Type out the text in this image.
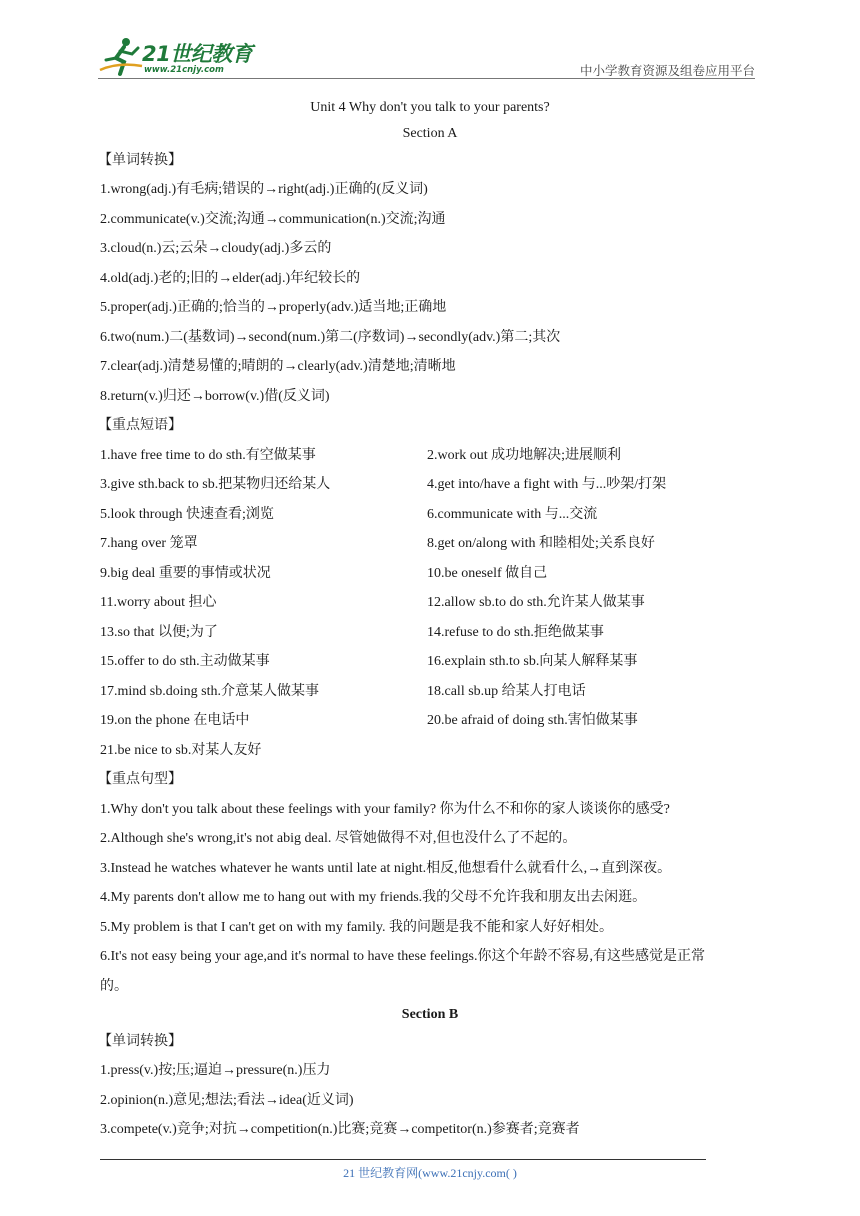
21世纪教育
www.21cnjy.com	中小学教育资源及组卷应用平台
Unit 4 Why don't you talk to your parents?
Section A
【单词转换】
1.wrong(adj.)有毛病;错误的→right(adj.)正确的(反义词)
2.communicate(v.)交流;沟通→communication(n.)交流;沟通
3.cloud(n.)云;云朵→cloudy(adj.)多云的
4.old(adj.)老的;旧的→elder(adj.)年纪较长的
5.proper(adj.)正确的;恰当的→properly(adv.)适当地;正确地
6.two(num.)二(基数词)→second(num.)第二(序数词)→secondly(adv.)第二;其次
7.clear(adj.)清楚易懂的;晴朗的→clearly(adv.)清楚地;清晰地
8.return(v.)归还→borrow(v.)借(反义词)
【重点短语】
1.have free time to do sth.有空做某事	2.work out 成功地解决;进展顺利
3.give sth.back to sb.把某物归还给某人	4.get into/have a fight with 与...吵架/打架
5.look through 快速查看;浏览	6.communicate with 与...交流
7.hang over 笼罩	8.get on/along with 和睦相处;关系良好
9.big deal 重要的事情或状况	10.be oneself 做自己
11.worry about 担心	12.allow sb.to do sth.允许某人做某事
13.so that 以便;为了	14.refuse to do sth.拒绝做某事
15.offer to do sth.主动做某事	16.explain sth.to sb.向某人解释某事
17.mind sb.doing sth.介意某人做某事	18.call sb.up 给某人打电话
19.on the phone 在电话中	20.be afraid of doing sth.害怕做某事
21.be nice to sb.对某人友好
【重点句型】
1.Why don't you talk about these feelings with your family? 你为什么不和你的家人谈谈你的感受?
2.Although she's wrong,it's not abig deal. 尽管她做得不对,但也没什么了不起的。
3.Instead he watches whatever he wants until late at night.相反,他想看什么就看什么,→直到深夜。
4.My parents don't allow me to hang out with my friends.我的父母不允许我和朋友出去闲逛。
5.My problem is that I can't get on with my family. 我的问题是我不能和家人好好相处。
6.It's not easy being your age,and it's normal to have these feelings.你这个年龄不容易,有这些感觉是正常
的。
Section B
【单词转换】
1.press(v.)按;压;逼迫→pressure(n.)压力
2.opinion(n.)意见;想法;看法→idea(近义词)
3.compete(v.)竞争;对抗→competition(n.)比赛;竞赛→competitor(n.)参赛者;竞赛者
21 世纪教育网(www.21cnjy.com( )
